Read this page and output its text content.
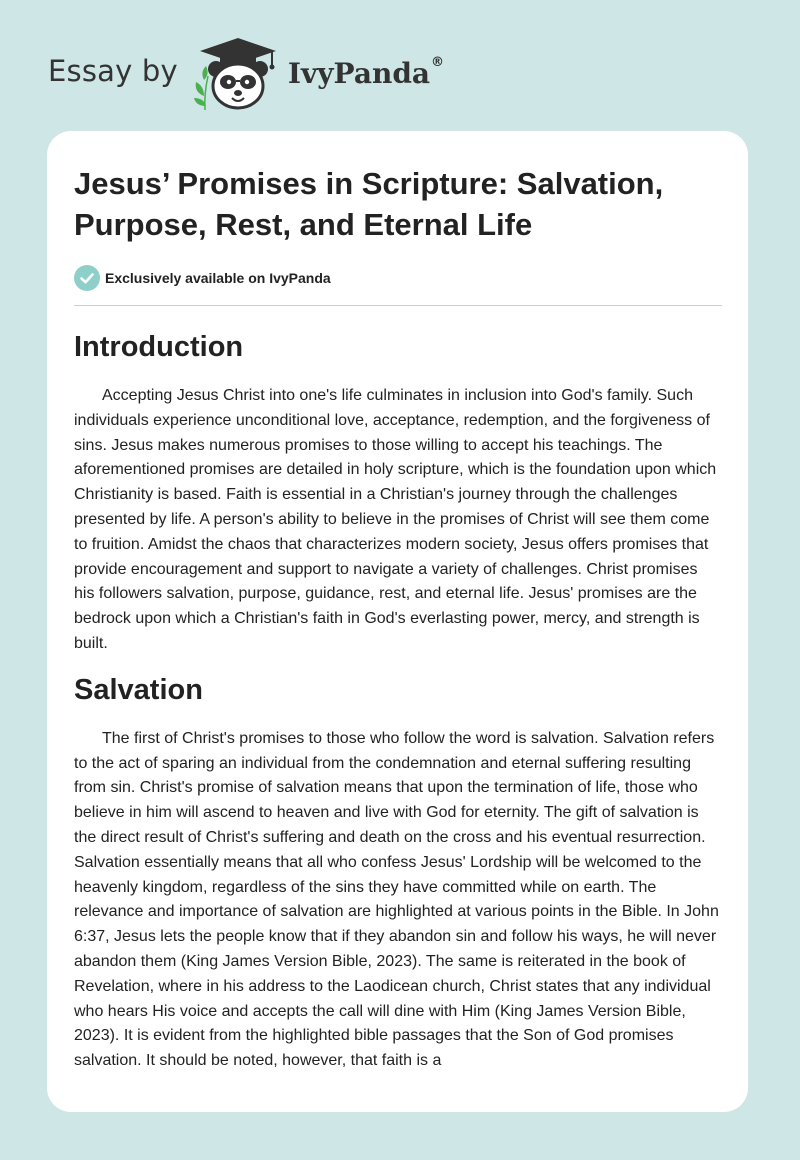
Essay by	IvyPanda®
Jesus’ Promises in Scripture: Salvation, Purpose, Rest, and Eternal Life
Exclusively available on IvyPanda
Introduction

Accepting Jesus Christ into one's life culminates in inclusion into God's family. Such individuals experience unconditional love, acceptance, redemption, and the forgiveness of sins. Jesus makes numerous promises to those willing to accept his teachings. The aforementioned promises are detailed in holy scripture, which is the foundation upon which Christianity is based. Faith is essential in a Christian's journey through the challenges presented by life. A person's ability to believe in the promises of Christ will see them come to fruition. Amidst the chaos that characterizes modern society, Jesus offers promises that provide encouragement and support to navigate a variety of challenges. Christ promises his followers salvation, purpose, guidance, rest, and eternal life. Jesus' promises are the bedrock upon which a Christian's faith in God's everlasting power, mercy, and strength is built.

Salvation

The first of Christ's promises to those who follow the word is salvation. Salvation refers to the act of sparing an individual from the condemnation and eternal suffering resulting from sin. Christ's promise of salvation means that upon the termination of life, those who believe in him will ascend to heaven and live with God for eternity. The gift of salvation is the direct result of Christ's suffering and death on the cross and his eventual resurrection. Salvation essentially means that all who confess Jesus' Lordship will be welcomed to the heavenly kingdom, regardless of the sins they have committed while on earth. The relevance and importance of salvation are highlighted at various points in the Bible. In John 6:37, Jesus lets the people know that if they abandon sin and follow his ways, he will never abandon them (King James Version Bible, 2023). The same is reiterated in the book of Revelation, where in his address to the Laodicean church, Christ states that any individual who hears His voice and accepts the call will dine with Him (King James Version Bible, 2023). It is evident from the highlighted bible passages that the Son of God promises salvation. It should be noted, however, that faith is a
